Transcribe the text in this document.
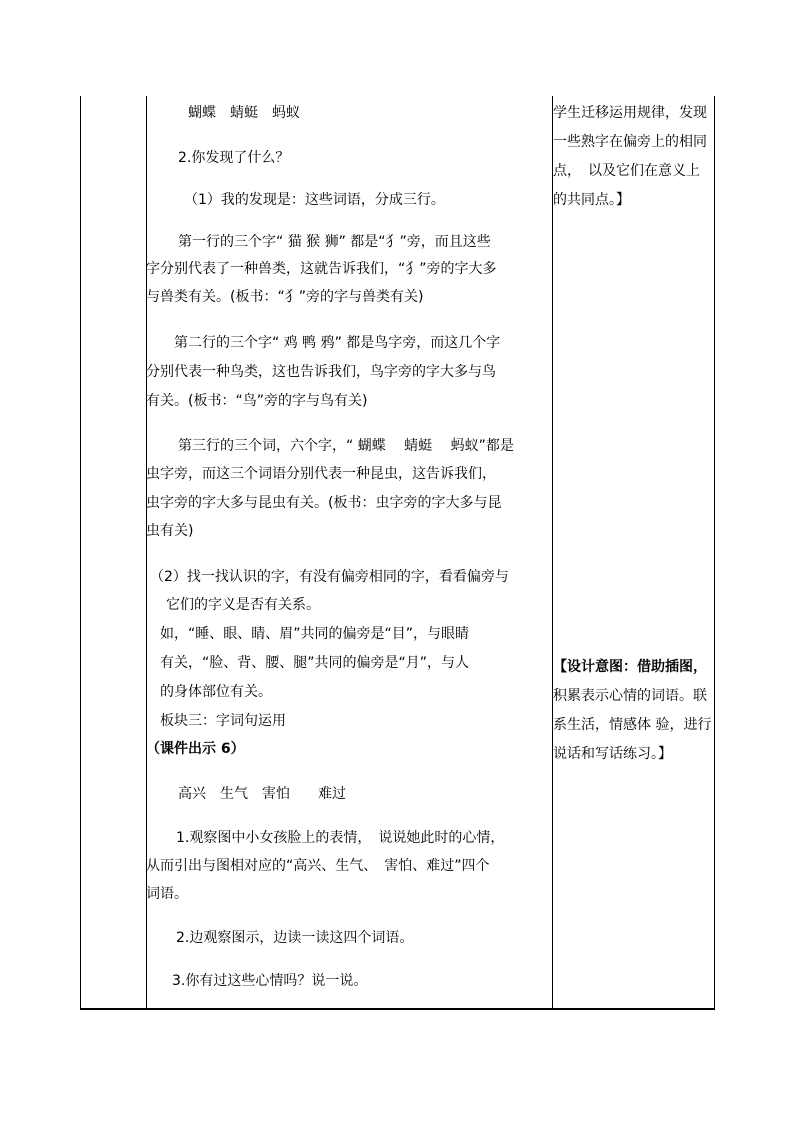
蝴蝶　蜻蜓　蚂蚁
2.你发现了什么？
（1）我的发现是：这些词语，分成三行。
第一行的三个字“ 猫 猴 狮” 都是“犭”旁，而且这些
字分别代表了一种兽类，这就告诉我们，“犭”旁的字大多
与兽类有关。(板书：“犭”旁的字与兽类有关)
第二行的三个字“ 鸡 鸭 鸦” 都是鸟字旁，而这几个字
分别代表一种鸟类，这也告诉我们，鸟字旁的字大多与鸟
有关。(板书：“鸟”旁的字与鸟有关)
第三行的三个词，六个字，“ 蝴蝶　 蜻蜓　 蚂蚁”都是
虫字旁，而这三个词语分别代表一种昆虫，这告诉我们，
虫字旁的字大多与昆虫有关。(板书：虫字旁的字大多与昆
虫有关)
（2）找一找认识的字，有没有偏旁相同的字，看看偏旁与
它们的字义是否有关系。
如，“睡、眼、睛、眉”共同的偏旁是“目”，与眼睛
有关，“脸、背、腰、腿”共同的偏旁是“月”，与人
的身体部位有关。
板块三：字词句运用
（课件出示 6）
高兴　生气　害怕　　难过
1.观察图中小女孩脸上的表情，　说说她此时的心情，
从而引出与图相对应的“高兴、生气、　害怕、难过”四个
词语。
2.边观察图示，边读一读这四个词语。
3.你有过这些心情吗？说一说。
学生迁移运用规律，发现
一些熟字在偏旁上的相同
点，　以及它们在意义上
的共同点。】
【设计意图：借助插图，
积累表示心情的词语。联
系生活，情感体 验，进行
说话和写话练习。】
